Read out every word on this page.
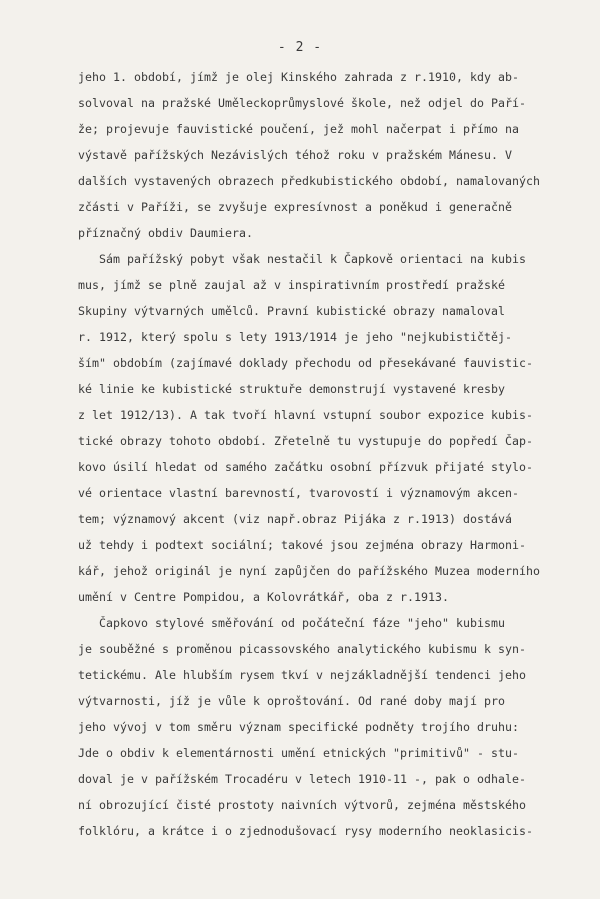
- 2 -
jeho 1. období, jímž je olej Kinského zahrada z r.1910, kdy ab-
solvoval na pražské Uměleckoprůmyslové škole, než odjel do Paří-
že; projevuje fauvistické poučení, jež mohl načerpat i přímo na
výstavě pařížských Nezávislých téhož roku v pražském Mánesu. V
dalších vystavených obrazech předkubistického období, namalovaných
zčásti v Paříži, se zvyšuje expresívnost a poněkud i generačně
příznačný obdiv Daumiera.
Sám pařížský pobyt však nestačil k Čapkově orientaci na kubis
mus, jímž se plně zaujal až v inspirativním prostředí pražské
Skupiny výtvarných umělců. Pravní kubistické obrazy namaloval
r. 1912, který spolu s lety 1913/1914 je jeho "nejkubističtěj-
ším" obdobím (zajímavé doklady přechodu od přesekávané fauvistic-
ké linie ke kubistické struktuře demonstrují vystavené kresby
z let 1912/13). A tak tvoří hlavní vstupní soubor expozice kubis-
tické obrazy tohoto období. Zřetelně tu vystupuje do popředí Čap-
kovo úsilí hledat od samého začátku osobní přízvuk přijaté stylo-
vé orientace vlastní barevností, tvarovostí i významovým akcen-
tem; významový akcent (viz např.obraz Pijáka z r.1913) dostává
už tehdy i podtext sociální; takové jsou zejména obrazy Harmoni-
kář, jehož originál je nyní zapůjčen do pařížského Muzea moderního
umění v Centre Pompidou, a Kolovrátkář, oba z r.1913.
Čapkovo stylové směřování od počáteční fáze "jeho" kubismu
je souběžné s proměnou picassovského analytického kubismu k syn-
tetickému. Ale hlubším rysem tkví v nejzákladnější tendenci jeho
výtvarnosti, jíž je vůle k oproštování. Od rané doby mají pro
jeho vývoj v tom směru význam specifické podněty trojího druhu:
Jde o obdiv k elementárnosti umění etnických "primitivů" - stu-
doval je v pařížském Trocadéru v letech 1910-11 -, pak o odhale-
ní obrozující čisté prostoty naivních výtvorů, zejména městského
folklóru, a krátce i o zjednodušovací rysy moderního neoklasicis-
